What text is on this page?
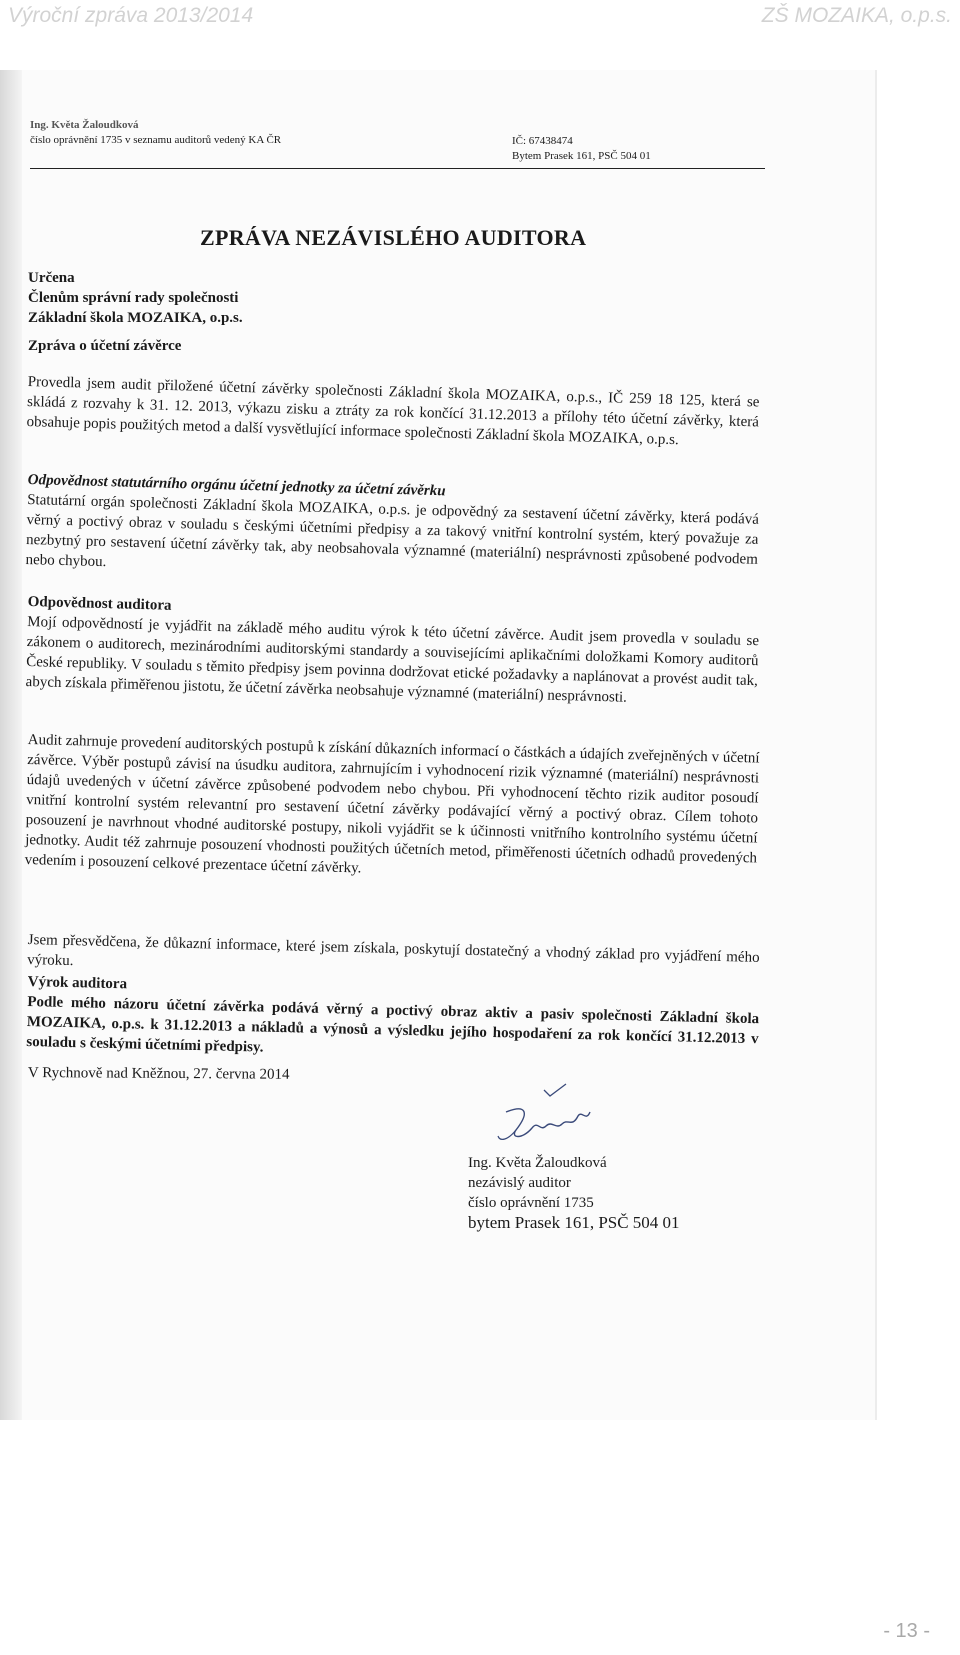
Výroční zpráva 2013/2014	ZŠ MOZAIKA, o.p.s.
Ing. Květa Žaloudková
číslo oprávnění 1735 v seznamu auditorů vedený KA ČR	IČ: 67438474
Bytem Prasek 161, PSČ 504 01
ZPRÁVA NEZÁVISLÉHO AUDITORA
Určena
Členům správní rady společnosti
Základní škola MOZAIKA, o.p.s.
Zpráva o účetní závěrce
Provedla jsem audit přiložené účetní závěrky společnosti Základní škola MOZAIKA, o.p.s., IČ 259 18 125, která se skládá z rozvahy k 31. 12. 2013, výkazu zisku a ztráty za rok končící 31.12.2013 a přílohy této účetní závěrky, která obsahuje popis použitých metod a další vysvětlující informace společnosti Základní škola MOZAIKA, o.p.s.
Odpovědnost statutárního orgánu účetní jednotky za účetní závěrku
Statutární orgán společnosti Základní škola MOZAIKA, o.p.s. je odpovědný za sestavení účetní závěrky, která podává věrný a poctivý obraz v souladu s českými účetními předpisy a za takový vnitřní kontrolní systém, který považuje za nezbytný pro sestavení účetní závěrky tak, aby neobsahovala významné (materiální) nesprávnosti způsobené podvodem nebo chybou.
Odpovědnost auditora
Mojí odpovědností je vyjádřit na základě mého auditu výrok k této účetní závěrce. Audit jsem provedla v souladu se zákonem o auditorech, mezinárodními auditorskými standardy a souvisejícími aplikačními doložkami Komory auditorů České republiky. V souladu s těmito předpisy jsem povinna dodržovat etické požadavky a naplánovat a provést audit tak, abych získala přiměřenou jistotu, že účetní závěrka neobsahuje významné (materiální) nesprávnosti.
Audit zahrnuje provedení auditorských postupů k získání důkazních informací o částkách a údajích zveřejněných v účetní závěrce. Výběr postupů závisí na úsudku auditora, zahrnujícím i vyhodnocení rizik významné (materiální) nesprávnosti údajů uvedených v účetní závěrce způsobené podvodem nebo chybou. Při vyhodnocení těchto rizik auditor posoudí vnitřní kontrolní systém relevantní pro sestavení účetní závěrky podávající věrný a poctivý obraz. Cílem tohoto posouzení je navrhnout vhodné auditorské postupy, nikoli vyjádřit se k účinnosti vnitřního kontrolního systému účetní jednotky. Audit též zahrnuje posouzení vhodnosti použitých účetních metod, přiměřenosti účetních odhadů provedených vedením i posouzení celkové prezentace účetní závěrky.
Jsem přesvědčena, že důkazní informace, které jsem získala, poskytují dostatečný a vhodný základ pro vyjádření mého výroku.
Výrok auditora
Podle mého názoru účetní závěrka podává věrný a poctivý obraz aktiv a pasiv společnosti Základní škola MOZAIKA, o.p.s. k 31.12.2013 a nákladů a výnosů a výsledku jejího hospodaření za rok končící 31.12.2013 v souladu s českými účetními předpisy.
V Rychnově nad Kněžnou, 27. června 2014
Ing. Květa Žaloudková
nezávislý auditor
číslo oprávnění 1735
bytem Prasek 161, PSČ 504 01
- 13 -
